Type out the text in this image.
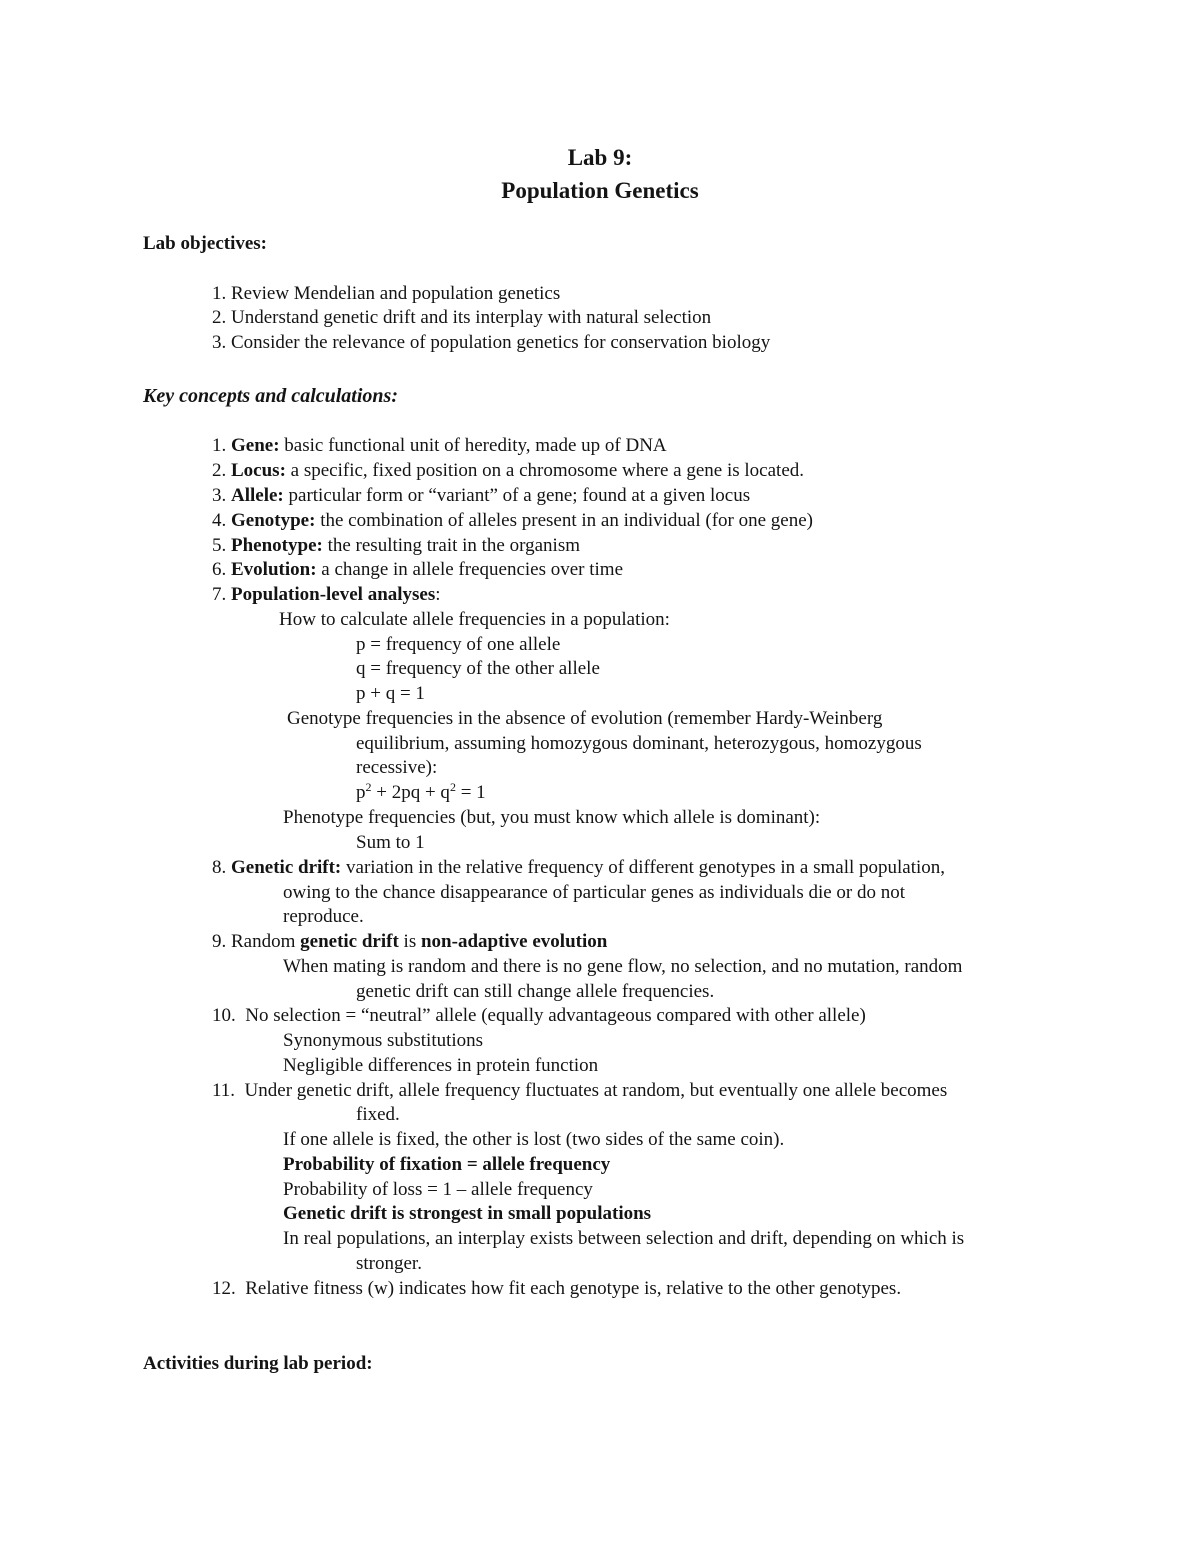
Lab 9:
Population Genetics
Lab objectives:
1. Review Mendelian and population genetics
2. Understand genetic drift and its interplay with natural selection
3. Consider the relevance of population genetics for conservation biology
Key concepts and calculations:
1. Gene: basic functional unit of heredity, made up of DNA
2. Locus: a specific, fixed position on a chromosome where a gene is located.
3. Allele: particular form or “variant” of a gene; found at a given locus
4. Genotype: the combination of alleles present in an individual (for one gene)
5. Phenotype: the resulting trait in the organism
6. Evolution: a change in allele frequencies over time
7. Population-level analyses:
How to calculate allele frequencies in a population:
p = frequency of one allele
q = frequency of the other allele
p + q = 1
Genotype frequencies in the absence of evolution (remember Hardy-Weinberg
equilibrium, assuming homozygous dominant, heterozygous, homozygous
recessive):
$p^2 + 2pq + q^2 = 1$
Phenotype frequencies (but, you must know which allele is dominant):
Sum to 1
8. Genetic drift: variation in the relative frequency of different genotypes in a small population,
owing to the chance disappearance of particular genes as individuals die or do not
reproduce.
9. Random genetic drift is non-adaptive evolution
When mating is random and there is no gene flow, no selection, and no mutation, random
genetic drift can still change allele frequencies.
10. No selection = “neutral” allele (equally advantageous compared with other allele)
Synonymous substitutions
Negligible differences in protein function
11. Under genetic drift, allele frequency fluctuates at random, but eventually one allele becomes
fixed.
If one allele is fixed, the other is lost (two sides of the same coin).
Probability of fixation = allele frequency
Probability of loss = 1 – allele frequency
Genetic drift is strongest in small populations
In real populations, an interplay exists between selection and drift, depending on which is
stronger.
12. Relative fitness (w) indicates how fit each genotype is, relative to the other genotypes.
Activities during lab period:
